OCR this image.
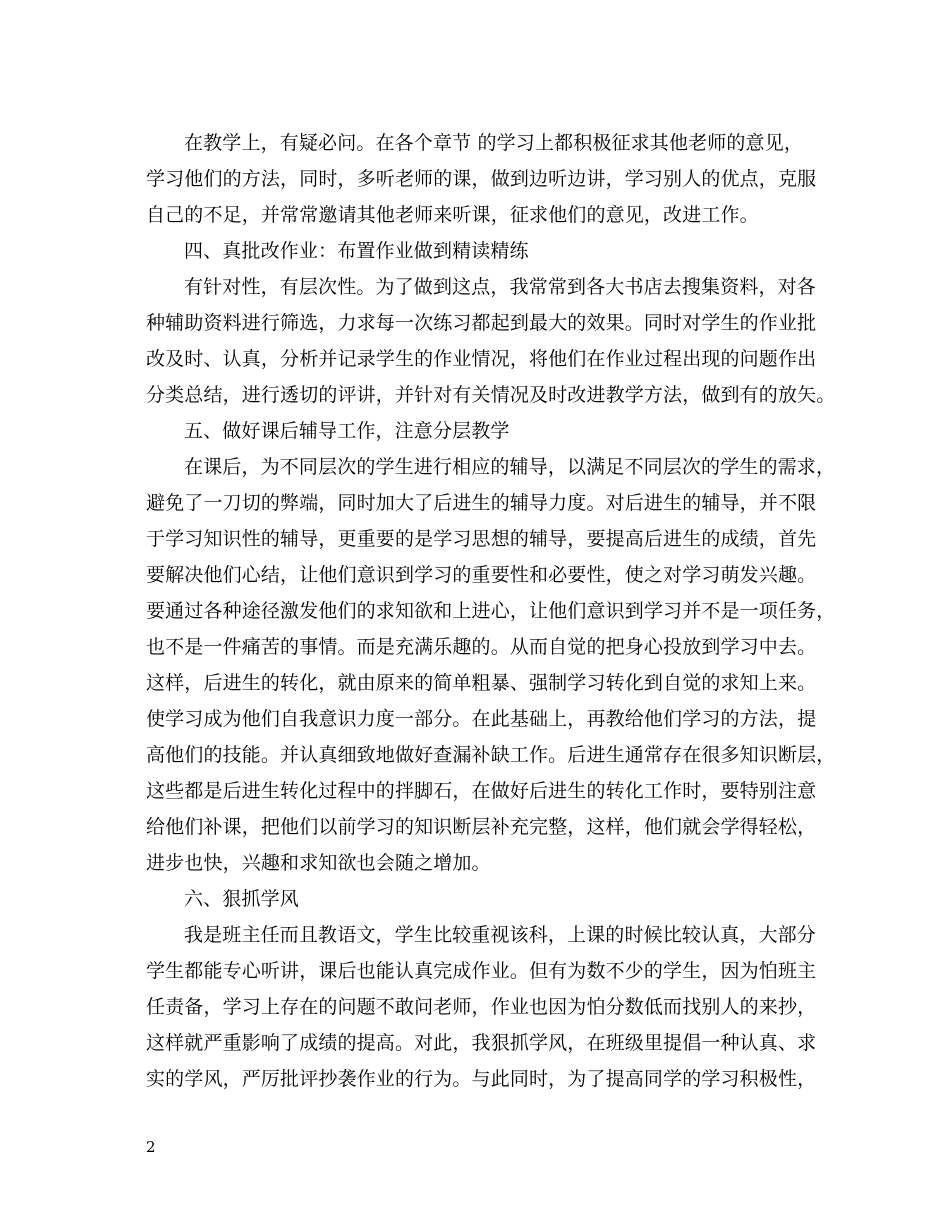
在教学上，有疑必问。在各个章节 的学习上都积极征求其他老师的意见，
学习他们的方法，同时，多听老师的课，做到边听边讲，学习别人的优点，克服
自己的不足，并常常邀请其他老师来听课，征求他们的意见，改进工作。
四、真批改作业：布置作业做到精读精练
有针对性，有层次性。为了做到这点，我常常到各大书店去搜集资料，对各
种辅助资料进行筛选，力求每一次练习都起到最大的效果。同时对学生的作业批
改及时、认真，分析并记录学生的作业情况，将他们在作业过程出现的问题作出
分类总结，进行透切的评讲，并针对有关情况及时改进教学方法，做到有的放矢。
五、做好课后辅导工作，注意分层教学
在课后，为不同层次的学生进行相应的辅导，以满足不同层次的学生的需求，
避免了一刀切的弊端，同时加大了后进生的辅导力度。对后进生的辅导，并不限
于学习知识性的辅导，更重要的是学习思想的辅导，要提高后进生的成绩，首先
要解决他们心结，让他们意识到学习的重要性和必要性，使之对学习萌发兴趣。
要通过各种途径激发他们的求知欲和上进心，让他们意识到学习并不是一项任务，
也不是一件痛苦的事情。而是充满乐趣的。从而自觉的把身心投放到学习中去。
这样，后进生的转化，就由原来的简单粗暴、强制学习转化到自觉的求知上来。
使学习成为他们自我意识力度一部分。在此基础上，再教给他们学习的方法，提
高他们的技能。并认真细致地做好查漏补缺工作。后进生通常存在很多知识断层，
这些都是后进生转化过程中的拌脚石，在做好后进生的转化工作时，要特别注意
给他们补课，把他们以前学习的知识断层补充完整，这样，他们就会学得轻松，
进步也快，兴趣和求知欲也会随之增加。
六、狠抓学风
我是班主任而且教语文，学生比较重视该科，上课的时候比较认真，大部分
学生都能专心听讲，课后也能认真完成作业。但有为数不少的学生，因为怕班主
任责备，学习上存在的问题不敢问老师，作业也因为怕分数低而找别人的来抄，
这样就严重影响了成绩的提高。对此，我狠抓学风，在班级里提倡一种认真、求
实的学风，严厉批评抄袭作业的行为。与此同时，为了提高同学的学习积极性，
2
